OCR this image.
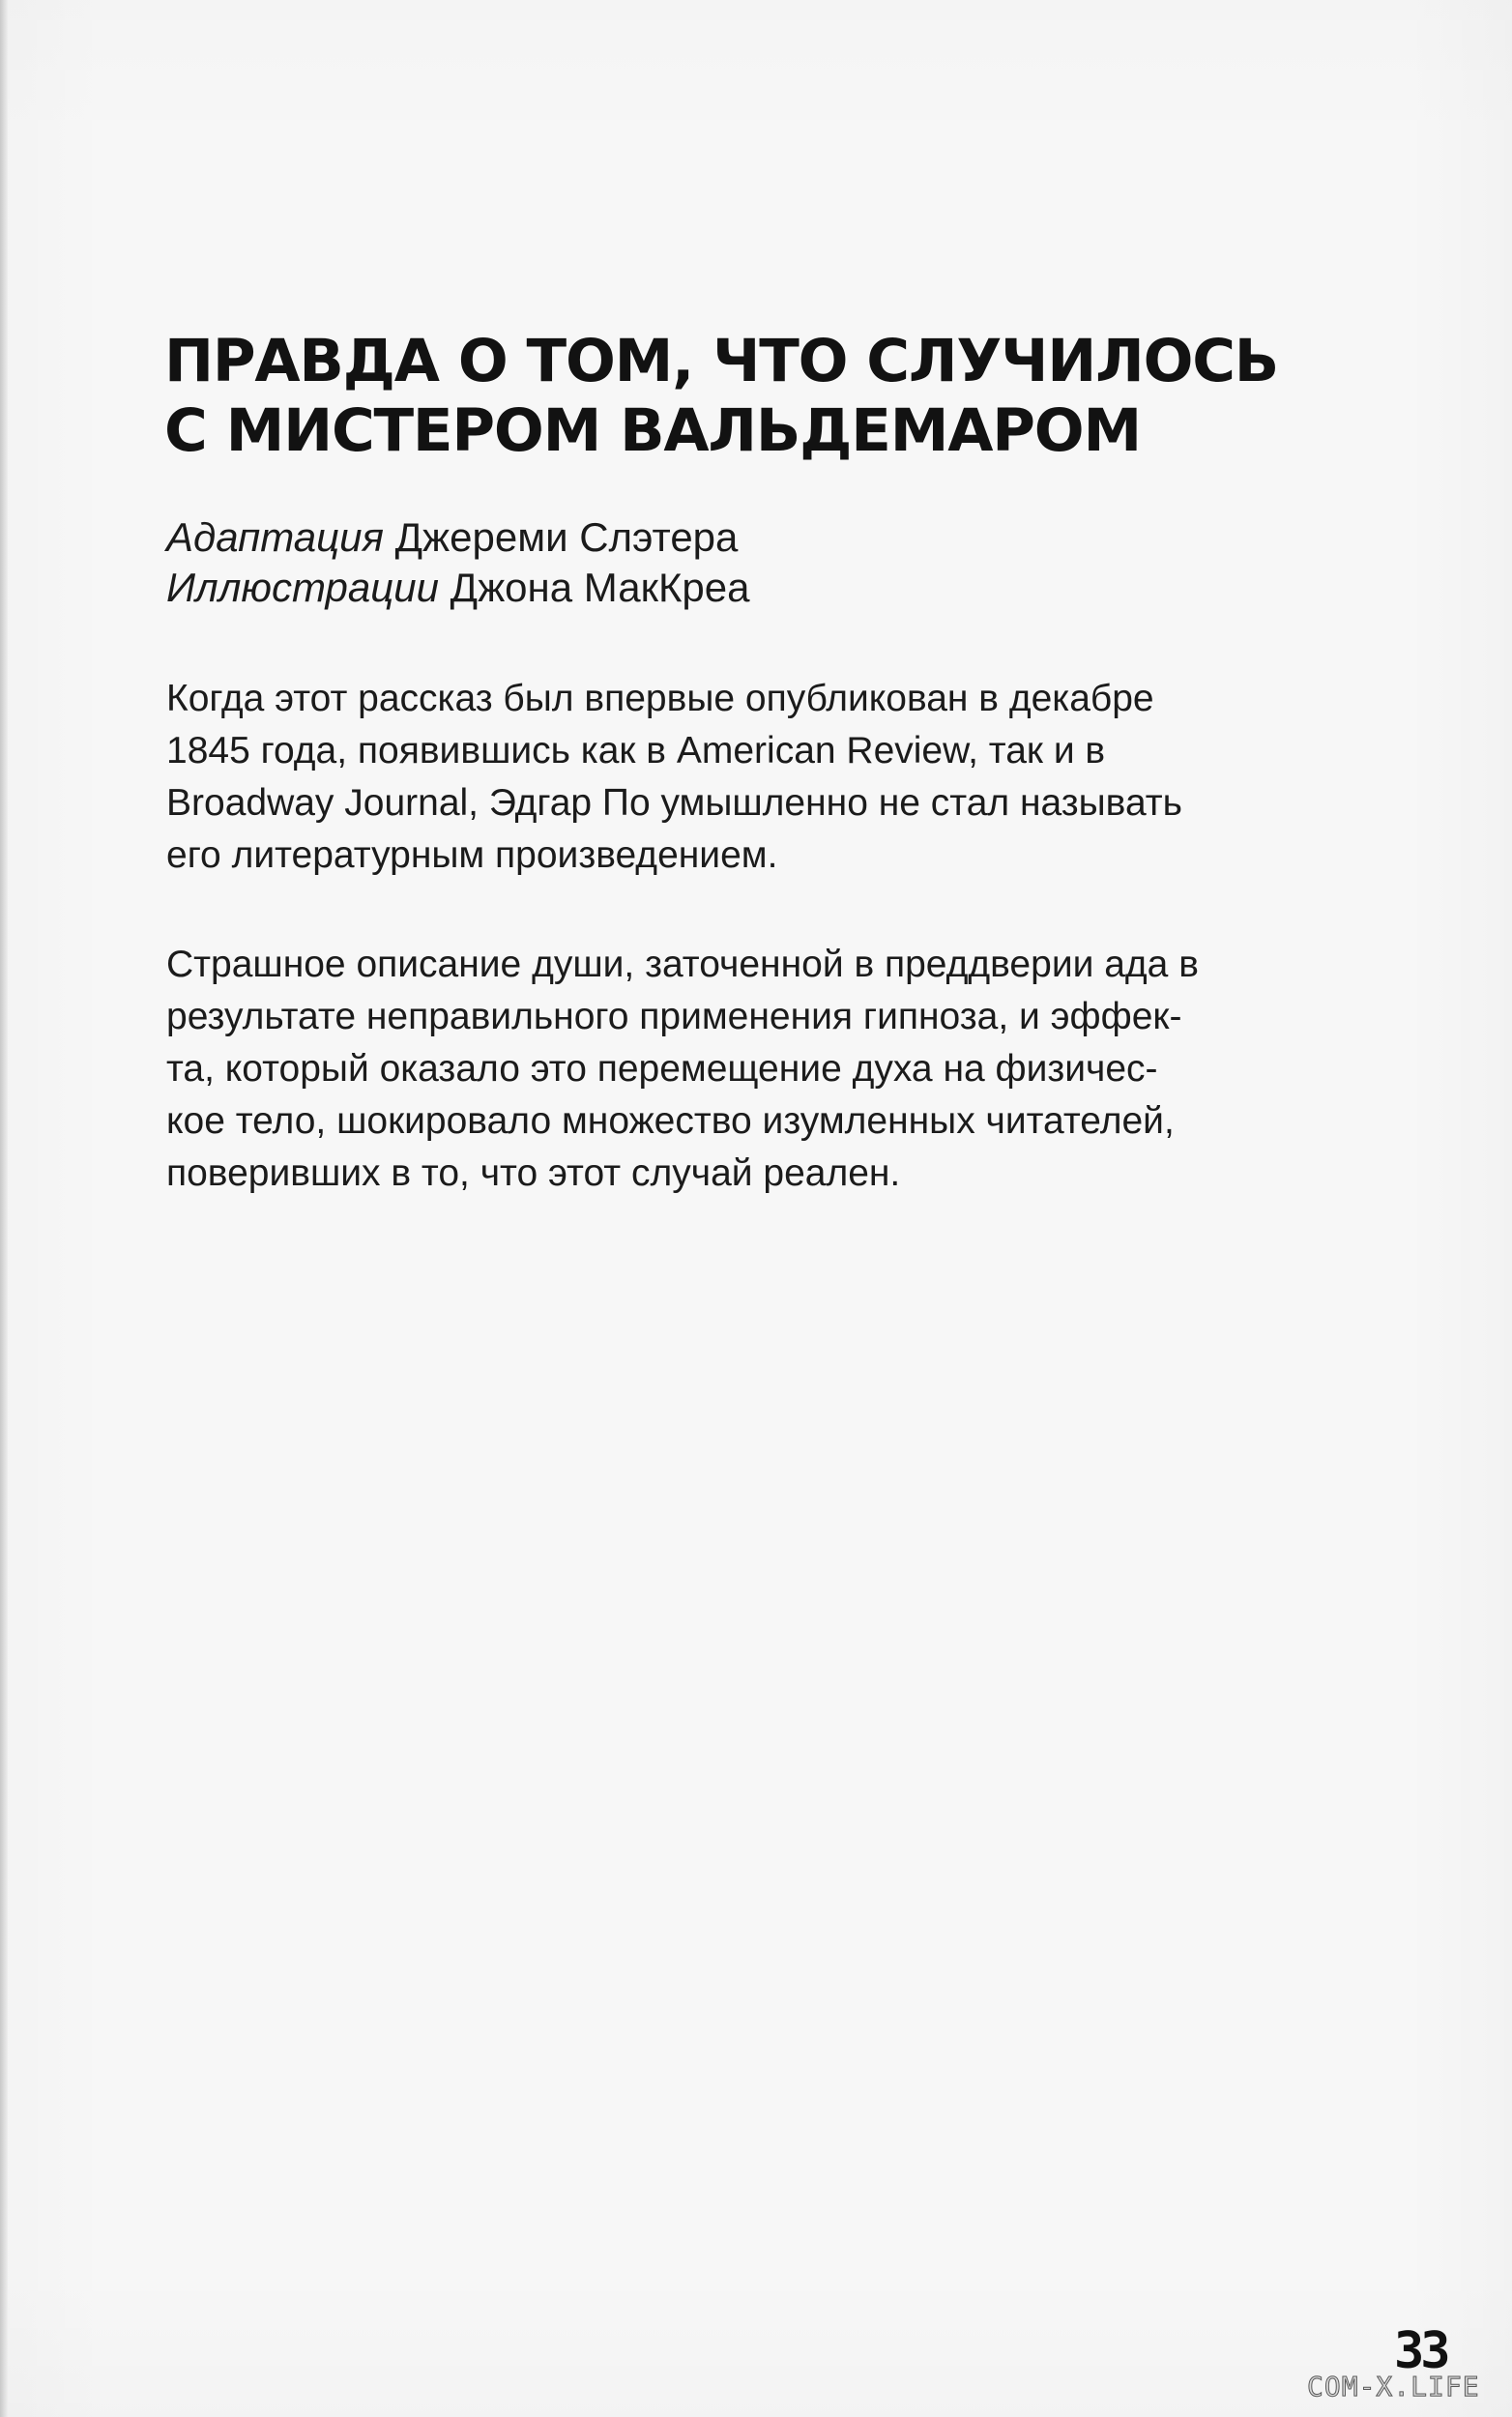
ПРАВДА О ТОМ, ЧТО СЛУЧИЛОСЬ
С МИСТЕРОМ ВАЛЬДЕМАРОМ
Адаптация Джереми Слэтера
Иллюстрации Джона МакКреа

Когда этот рассказ был впервые опубликован в декабре
1845 года, появившись как в American Review, так и в
Broadway Journal, Эдгар По умышленно не стал называть
его литературным произведением.

Страшное описание души, заточенной в преддверии ада в
результате неправильного применения гипноза, и эффек-
та, который оказало это перемещение духа на физичес-
кое тело, шокировало множество изумленных читателей,
поверивших в то, что этот случай реален.

33
COM-X.LIFE
